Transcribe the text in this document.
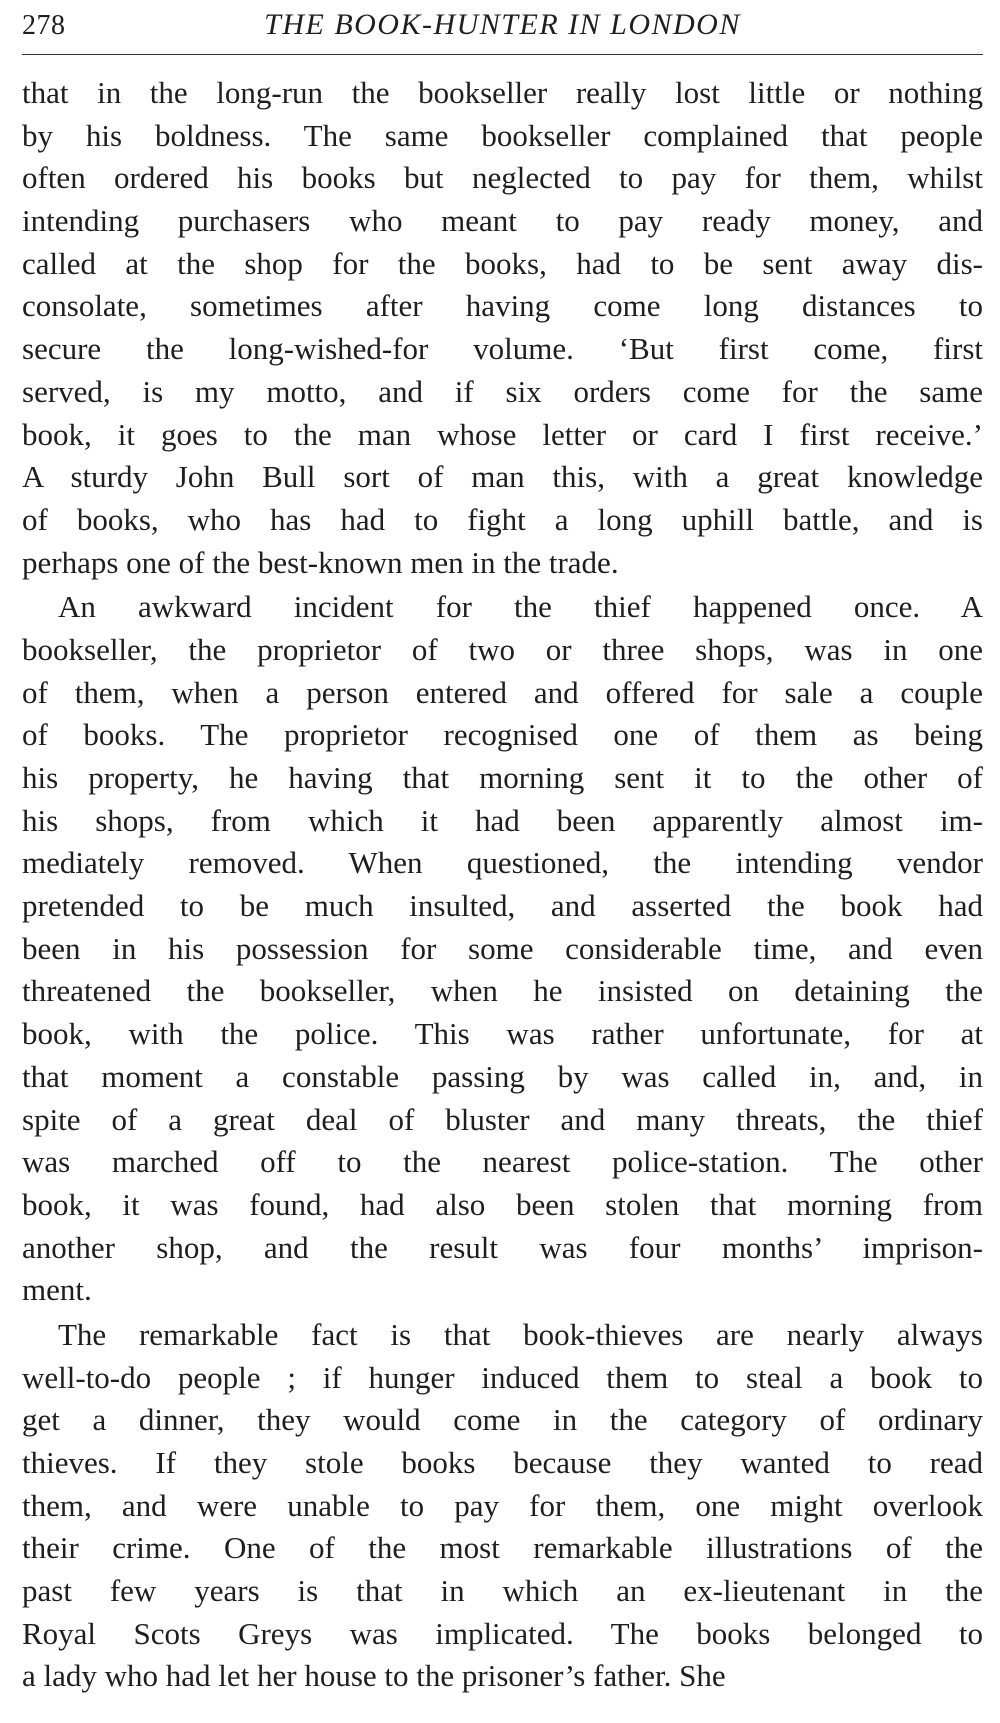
278	THE BOOK-HUNTER IN LONDON
that in the long-run the bookseller really lost little or nothing
by his boldness. The same bookseller complained that people
often ordered his books but neglected to pay for them, whilst
intending purchasers who meant to pay ready money, and
called at the shop for the books, had to be sent away dis-
consolate, sometimes after having come long distances to
secure the long-wished-for volume. ‘But first come, first
served, is my motto, and if six orders come for the same
book, it goes to the man whose letter or card I first receive.’
A sturdy John Bull sort of man this, with a great knowledge
of books, who has had to fight a long uphill battle, and is
perhaps one of the best-known men in the trade.
An awkward incident for the thief happened once. A
bookseller, the proprietor of two or three shops, was in one
of them, when a person entered and offered for sale a couple
of books. The proprietor recognised one of them as being
his property, he having that morning sent it to the other of
his shops, from which it had been apparently almost im-
mediately removed. When questioned, the intending vendor
pretended to be much insulted, and asserted the book had
been in his possession for some considerable time, and even
threatened the bookseller, when he insisted on detaining the
book, with the police. This was rather unfortunate, for at
that moment a constable passing by was called in, and, in
spite of a great deal of bluster and many threats, the thief
was marched off to the nearest police-station. The other
book, it was found, had also been stolen that morning from
another shop, and the result was four months’ imprison-
ment.
The remarkable fact is that book-thieves are nearly always
well-to-do people ; if hunger induced them to steal a book to
get a dinner, they would come in the category of ordinary
thieves. If they stole books because they wanted to read
them, and were unable to pay for them, one might overlook
their crime. One of the most remarkable illustrations of the
past few years is that in which an ex-lieutenant in the
Royal Scots Greys was implicated. The books belonged to
a lady who had let her house to the prisoner’s father. She
